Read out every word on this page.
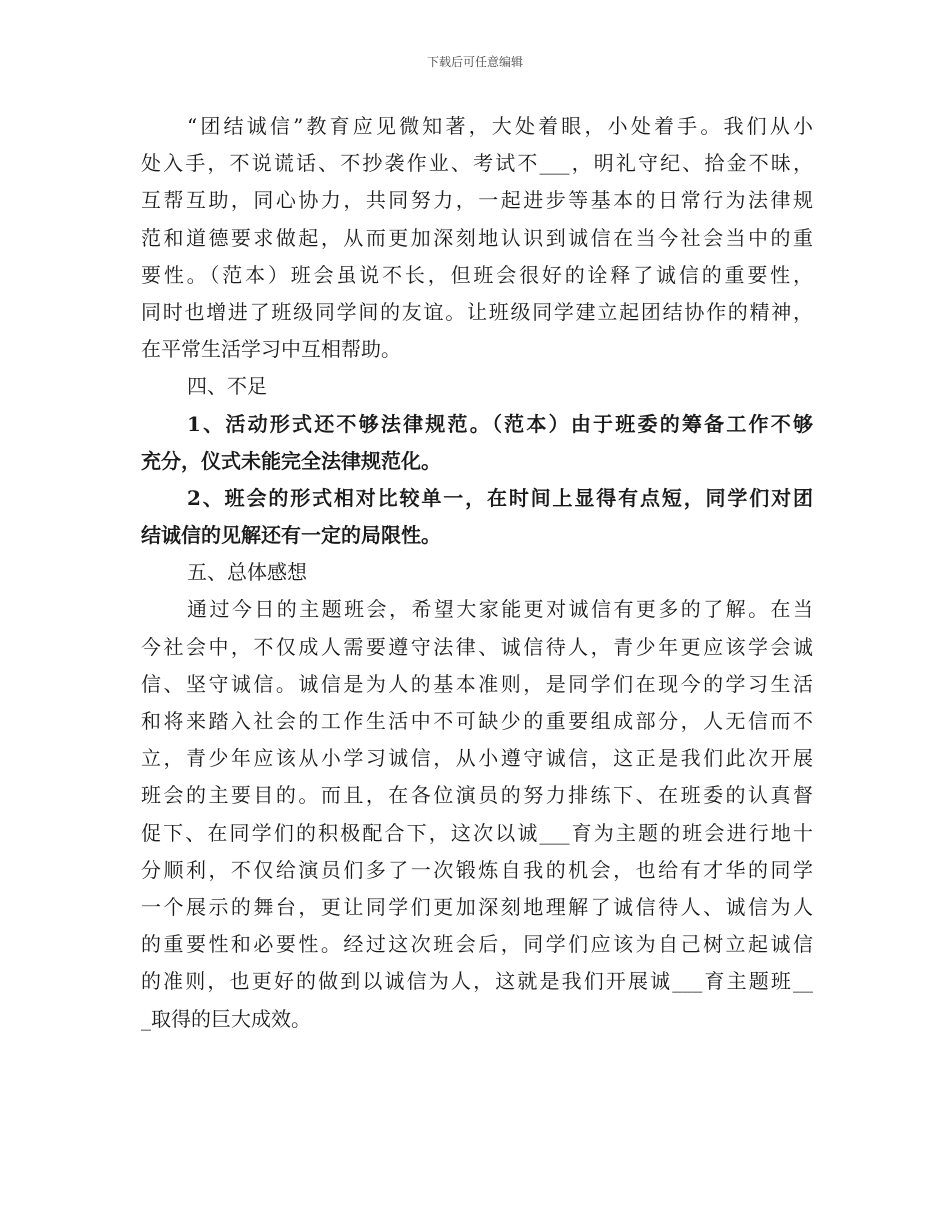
下载后可任意编辑
“团结诚信”教育应见微知著，大处着眼，小处着手。我们从小
处入手，不说谎话、不抄袭作业、考试不___，明礼守纪、拾金不昧，
互帮互助，同心协力，共同努力，一起进步等基本的日常行为法律规
范和道德要求做起，从而更加深刻地认识到诚信在当今社会当中的重
要性。（范本）班会虽说不长，但班会很好的诠释了诚信的重要性，
同时也增进了班级同学间的友谊。让班级同学建立起团结协作的精神，
在平常生活学习中互相帮助。
四、不足
1、活动形式还不够法律规范。（范本）由于班委的筹备工作不够
充分，仪式未能完全法律规范化。
2、班会的形式相对比较单一，在时间上显得有点短，同学们对团
结诚信的见解还有一定的局限性。
五、总体感想
通过今日的主题班会，希望大家能更对诚信有更多的了解。在当
今社会中，不仅成人需要遵守法律、诚信待人，青少年更应该学会诚
信、坚守诚信。诚信是为人的基本准则，是同学们在现今的学习生活
和将来踏入社会的工作生活中不可缺少的重要组成部分，人无信而不
立，青少年应该从小学习诚信，从小遵守诚信，这正是我们此次开展
班会的主要目的。而且，在各位演员的努力排练下、在班委的认真督
促下、在同学们的积极配合下，这次以诚___育为主题的班会进行地十
分顺利，不仅给演员们多了一次锻炼自我的机会，也给有才华的同学
一个展示的舞台，更让同学们更加深刻地理解了诚信待人、诚信为人
的重要性和必要性。经过这次班会后，同学们应该为自己树立起诚信
的准则，也更好的做到以诚信为人，这就是我们开展诚___育主题班__
_取得的巨大成效。
